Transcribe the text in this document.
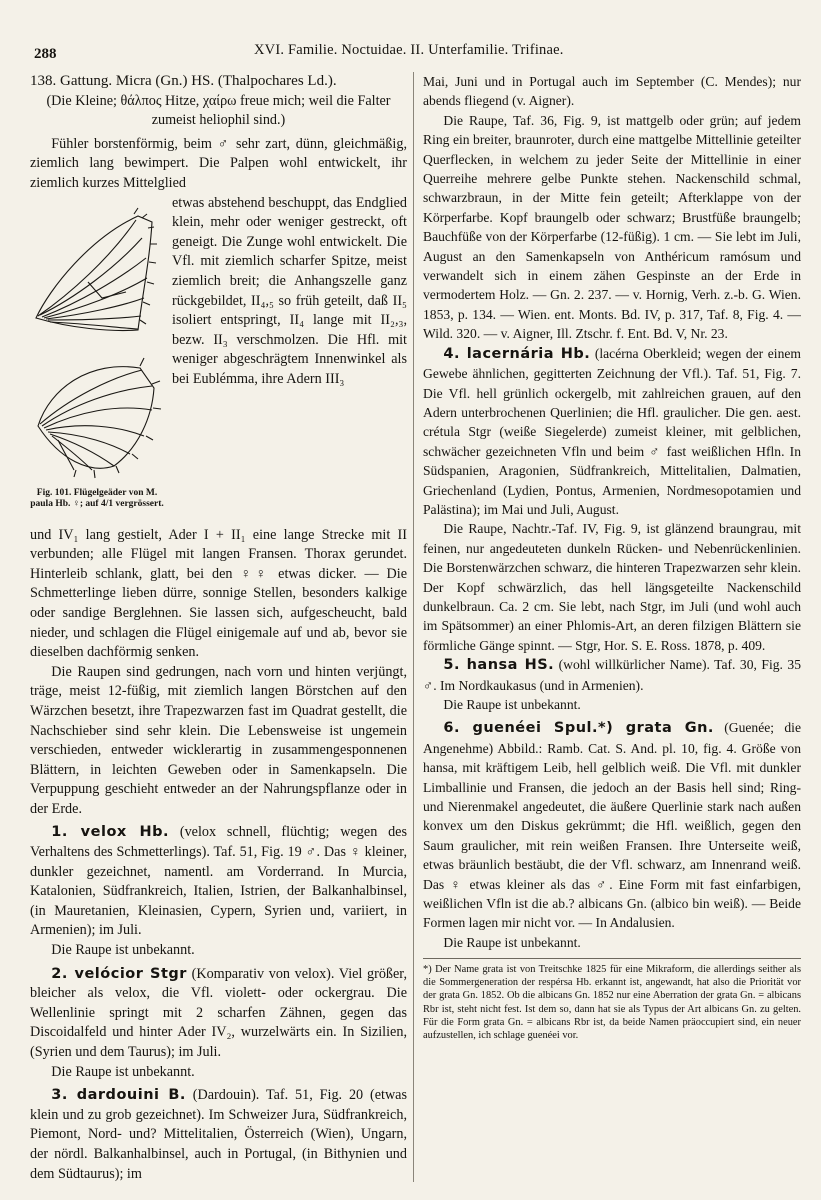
288	XVI. Familie. Noctuidae. II. Unterfamilie. Trifinae.

138. Gattung. Micra (Gn.) HS. (Thalpochares Ld.).

(Die Kleine; θάλπος Hitze, χαίρω freue mich; weil die Falter zumeist heliophil sind.)

Fühler borstenförmig, beim ♂ sehr zart, dünn, gleichmäßig, ziemlich lang bewimpert. Die Palpen wohl entwickelt, ihr ziemlich kurzes Mittelglied

Fig. 101. Flügelgeäder von M. paula Hb. ♀; auf 4/1 vergrössert.

etwas abstehend beschuppt, das Endglied klein, mehr oder weniger gestreckt, oft geneigt. Die Zunge wohl entwickelt. Die Vfl. mit ziemlich scharfer Spitze, meist ziemlich breit; die Anhangszelle ganz rückgebildet, II₄,₅ so früh geteilt, daß II₅ isoliert entspringt, II₄ lange mit II₂,₃, bezw. II₃ verschmolzen. Die Hfl. mit weniger abgeschrägtem Innenwinkel als bei Eublémma, ihre Adern III₃

und IV₁ lang gestielt, Ader I + II₁ eine lange Strecke mit II verbunden; alle Flügel mit langen Fransen. Thorax gerundet. Hinterleib schlank, glatt, bei den ♀♀ etwas dicker. — Die Schmetterlinge lieben dürre, sonnige Stellen, besonders kalkige oder sandige Berglehnen. Sie lassen sich, aufgescheucht, bald nieder, und schlagen die Flügel einigemale auf und ab, bevor sie dieselben dachförmig senken.

Die Raupen sind gedrungen, nach vorn und hinten verjüngt, träge, meist 12-füßig, mit ziemlich langen Börstchen auf den Wärzchen besetzt, ihre Trapezwarzen fast im Quadrat gestellt, die Nachschieber sind sehr klein. Die Lebensweise ist ungemein verschieden, entweder wicklerartig in zusammengesponnenen Blättern, in leichten Geweben oder in Samenkapseln. Die Verpuppung geschieht entweder an der Nahrungspflanze oder in der Erde.

1. velox Hb. (velox schnell, flüchtig; wegen des Verhaltens des Schmetterlings). Taf. 51, Fig. 19 ♂. Das ♀ kleiner, dunkler gezeichnet, namentl. am Vorderrand. In Murcia, Katalonien, Südfrankreich, Italien, Istrien, der Balkanhalbinsel, (in Mauretanien, Kleinasien, Cypern, Syrien und, variiert, in Armenien); im Juli.

Die Raupe ist unbekannt.

2. velócior Stgr (Komparativ von velox). Viel größer, bleicher als velox, die Vfl. violett- oder ockergrau. Die Wellenlinie springt mit 2 scharfen Zähnen, gegen das Discoidalfeld und hinter Ader IV₂, wurzelwärts ein. In Sizilien, (Syrien und dem Taurus); im Juli.

Die Raupe ist unbekannt.

3. dardouini B. (Dardouin). Taf. 51, Fig. 20 (etwas klein und zu grob gezeichnet). Im Schweizer Jura, Südfrankreich, Piemont, Nord- und? Mittelitalien, Österreich (Wien), Ungarn, der nördl. Balkanhalbinsel, auch in Portugal, (in Bithynien und dem Südtaurus); im

Mai, Juni und in Portugal auch im September (C. Mendes); nur abends fliegend (v. Aigner).

Die Raupe, Taf. 36, Fig. 9, ist mattgelb oder grün; auf jedem Ring ein breiter, braunroter, durch eine mattgelbe Mittellinie geteilter Querflecken, in welchem zu jeder Seite der Mittellinie in einer Querreihe mehrere gelbe Punkte stehen. Nackenschild schmal, schwarzbraun, in der Mitte fein geteilt; Afterklappe von der Körperfarbe. Kopf braungelb oder schwarz; Brustfüße braungelb; Bauchfüße von der Körperfarbe (12-füßig). 1 cm. — Sie lebt im Juli, August an den Samenkapseln von Anthéricum ramósum und verwandelt sich in einem zähen Gespinste an der Erde in vermodertem Holz. — Gn. 2. 237. — v. Hornig, Verh. z.-b. G. Wien. 1853, p. 134. — Wien. ent. Monts. Bd. IV, p. 317, Taf. 8, Fig. 4. — Wild. 320. — v. Aigner, Ill. Ztschr. f. Ent. Bd. V, Nr. 23.

4. lacernária Hb. (lacérna Oberkleid; wegen der einem Gewebe ähnlichen, gegitterten Zeichnung der Vfl.). Taf. 51, Fig. 7. Die Vfl. hell grünlich ockergelb, mit zahlreichen grauen, auf den Adern unterbrochenen Querlinien; die Hfl. graulicher. Die gen. aest. crétula Stgr (weiße Siegelerde) zumeist kleiner, mit gelblichen, schwächer gezeichneten Vfln und beim ♂ fast weißlichen Hfln. In Südspanien, Aragonien, Südfrankreich, Mittelitalien, Dalmatien, Griechenland (Lydien, Pontus, Armenien, Nordmesopotamien und Palästina); im Mai und Juli, August.

Die Raupe, Nachtr.-Taf. IV, Fig. 9, ist glänzend braungrau, mit feinen, nur angedeuteten dunkeln Rücken- und Nebenrückenlinien. Die Borstenwärzchen schwarz, die hinteren Trapezwarzen sehr klein. Der Kopf schwärzlich, das hell längsgeteilte Nackenschild dunkelbraun. Ca. 2 cm. Sie lebt, nach Stgr, im Juli (und wohl auch im Spätsommer) an einer Phlomis-Art, an deren filzigen Blättern sie förmliche Gänge spinnt. — Stgr, Hor. S. E. Ross. 1878, p. 409.

5. hansa HS. (wohl willkürlicher Name). Taf. 30, Fig. 35 ♂. Im Nordkaukasus (und in Armenien).

Die Raupe ist unbekannt.

6. guenéei Spul.*) grata Gn. (Guenée; die Angenehme) Abbild.: Ramb. Cat. S. And. pl. 10, fig. 4. Größe von hansa, mit kräftigem Leib, hell gelblich weiß. Die Vfl. mit dunkler Limballinie und Fransen, die jedoch an der Basis hell sind; Ring- und Nierenmakel angedeutet, die äußere Querlinie stark nach außen konvex um den Diskus gekrümmt; die Hfl. weißlich, gegen den Saum graulicher, mit rein weißen Fransen. Ihre Unterseite weiß, etwas bräunlich bestäubt, die der Vfl. schwarz, am Innenrand weiß. Das ♀ etwas kleiner als das ♂. Eine Form mit fast einfarbigen, weißlichen Vfln ist die ab.? albicans Gn. (albico bin weiß). — Beide Formen lagen mir nicht vor. — In Andalusien.

Die Raupe ist unbekannt.

*) Der Name grata ist von Treitschke 1825 für eine Mikraform, die allerdings seither als die Sommergeneration der respérsa Hb. erkannt ist, angewandt, hat also die Priorität vor der grata Gn. 1852. Ob die albicans Gn. 1852 nur eine Aberration der grata Gn. = albicans Rbr ist, steht nicht fest. Ist dem so, dann hat sie als Typus der Art albicans Gn. zu gelten. Für die Form grata Gn. = albicans Rbr ist, da beide Namen präoccupiert sind, ein neuer aufzustellen, ich schlage guenéei vor.
